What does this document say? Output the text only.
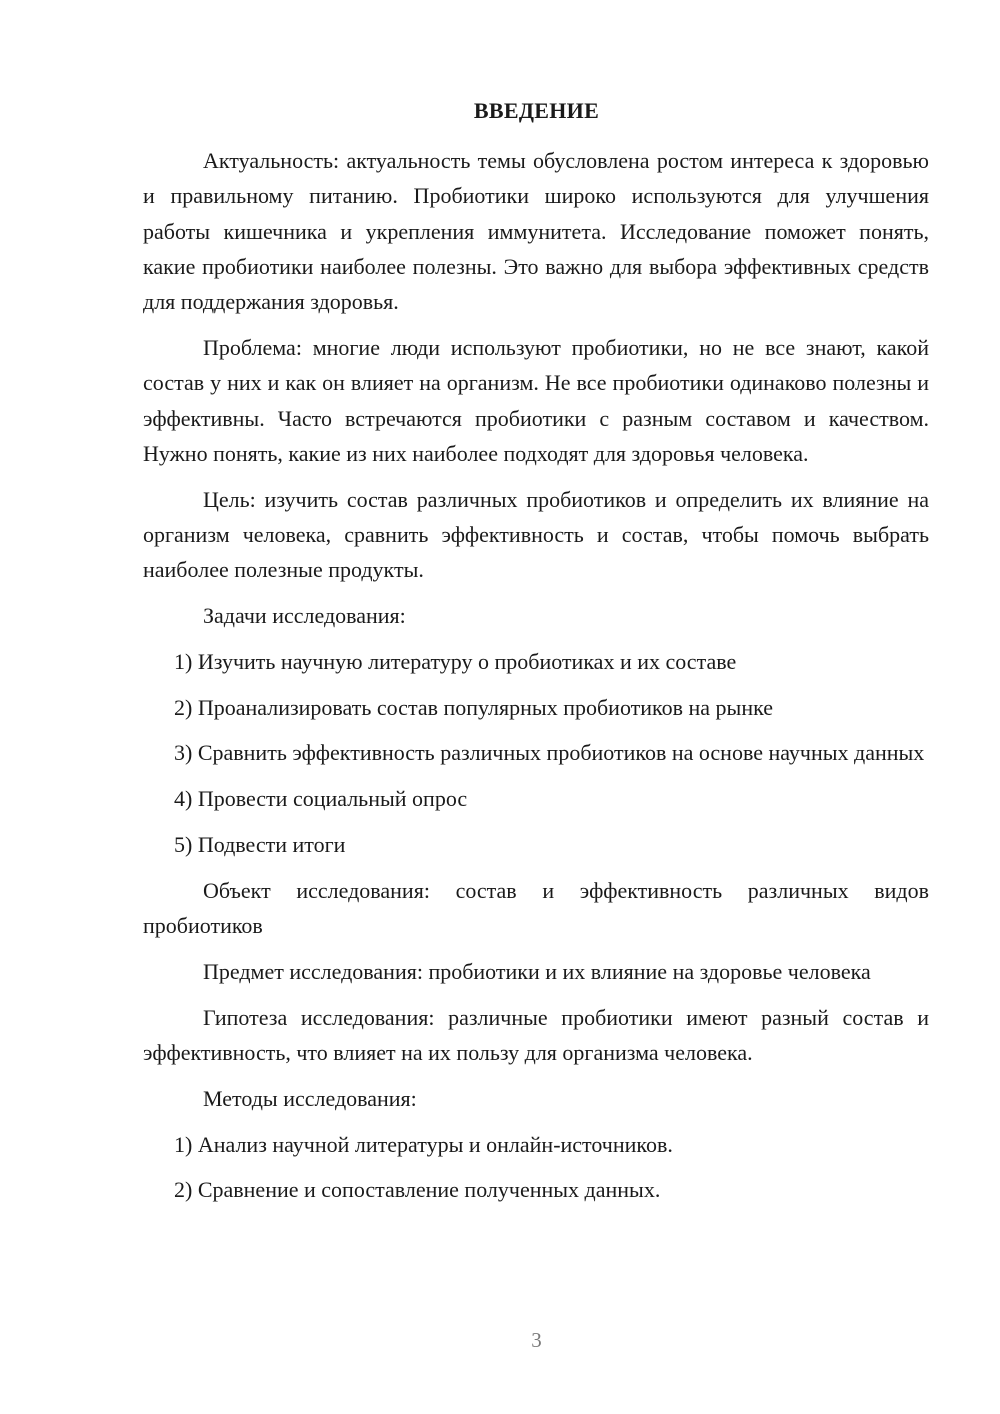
ВВЕДЕНИЕ

Актуальность: актуальность темы обусловлена ростом интереса к здоровью и правильному питанию. Пробиотики широко используются для улучшения работы кишечника и укрепления иммунитета. Исследование поможет понять, какие пробиотики наиболее полезны. Это важно для выбора эффективных средств для поддержания здоровья.

Проблема: многие люди используют пробиотики, но не все знают, какой состав у них и как он влияет на организм. Не все пробиотики одинаково полезны и эффективны. Часто встречаются пробиотики с разным составом и качеством. Нужно понять, какие из них наиболее подходят для здоровья человека.

Цель: изучить состав различных пробиотиков и определить их влияние на организм человека, сравнить эффективность и состав, чтобы помочь выбрать наиболее полезные продукты.

Задачи исследования:

1) Изучить научную литературу о пробиотиках и их составе

2) Проанализировать состав популярных пробиотиков на рынке

3) Сравнить эффективность различных пробиотиков на основе научных данных

4) Провести социальный опрос

5) Подвести итоги

Объект исследования: состав и эффективность различных видов пробиотиков

Предмет исследования: пробиотики и их влияние на здоровье человека

Гипотеза исследования: различные пробиотики имеют разный состав и эффективность, что влияет на их пользу для организма человека.

Методы исследования:

1) Анализ научной литературы и онлайн-источников.

2) Сравнение и сопоставление полученных данных.

3
